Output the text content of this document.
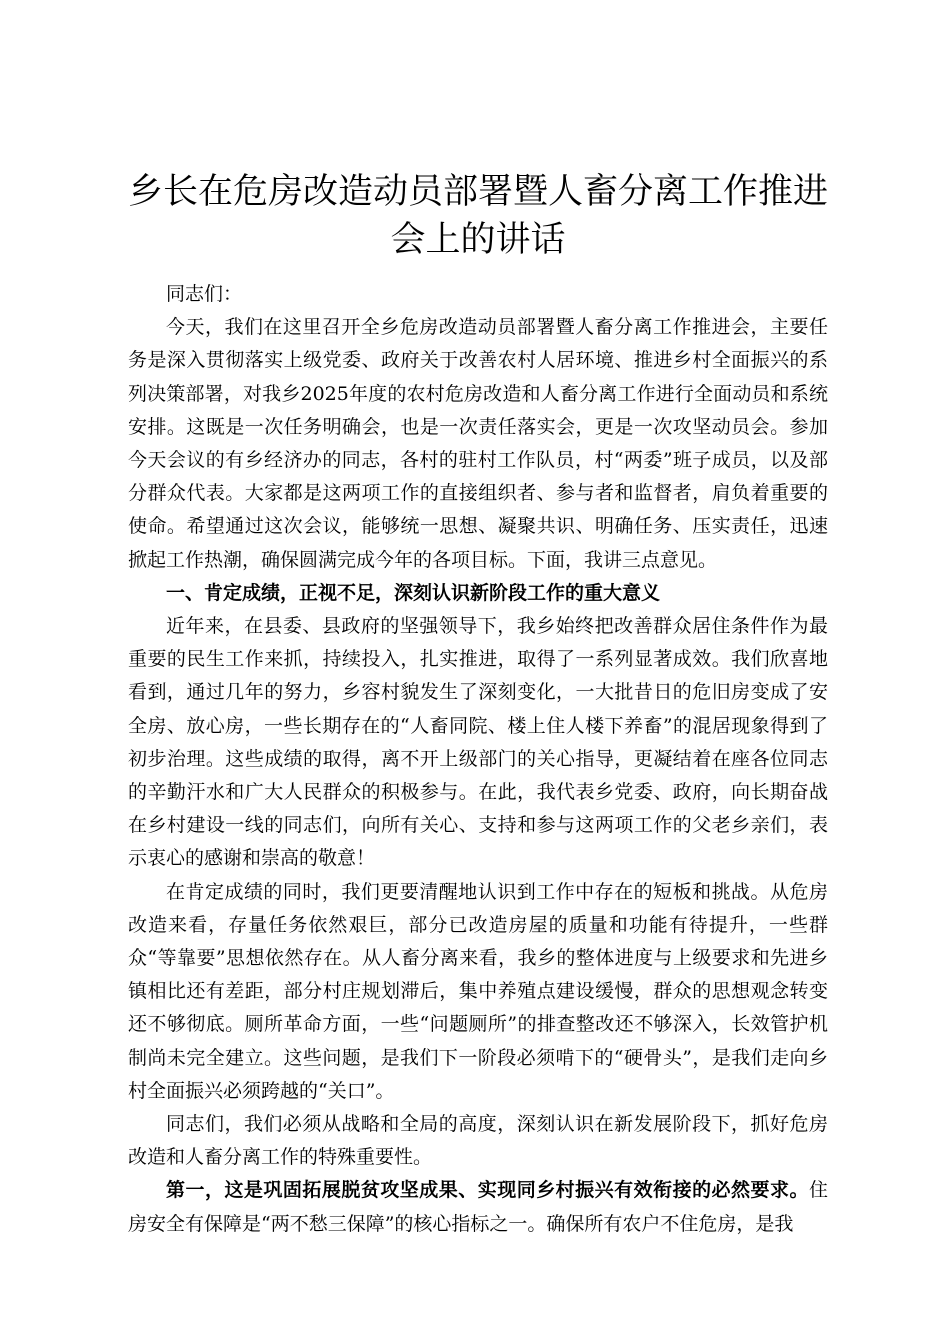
乡长在危房改造动员部署暨人畜分离工作推进会上的讲话

同志们：

今天，我们在这里召开全乡危房改造动员部署暨人畜分离工作推进会，主要任务是深入贯彻落实上级党委、政府关于改善农村人居环境、推进乡村全面振兴的系列决策部署，对我乡2025年度的农村危房改造和人畜分离工作进行全面动员和系统安排。这既是一次任务明确会，也是一次责任落实会，更是一次攻坚动员会。参加今天会议的有乡经济办的同志，各村的驻村工作队员，村“两委”班子成员，以及部分群众代表。大家都是这两项工作的直接组织者、参与者和监督者，肩负着重要的使命。希望通过这次会议，能够统一思想、凝聚共识、明确任务、压实责任，迅速掀起工作热潮，确保圆满完成今年的各项目标。下面，我讲三点意见。

一、肯定成绩，正视不足，深刻认识新阶段工作的重大意义

近年来，在县委、县政府的坚强领导下，我乡始终把改善群众居住条件作为最重要的民生工作来抓，持续投入，扎实推进，取得了一系列显著成效。我们欣喜地看到，通过几年的努力，乡容村貌发生了深刻变化，一大批昔日的危旧房变成了安全房、放心房，一些长期存在的“人畜同院、楼上住人楼下养畜”的混居现象得到了初步治理。这些成绩的取得，离不开上级部门的关心指导，更凝结着在座各位同志的辛勤汗水和广大人民群众的积极参与。在此，我代表乡党委、政府，向长期奋战在乡村建设一线的同志们，向所有关心、支持和参与这两项工作的父老乡亲们，表示衷心的感谢和崇高的敬意！

在肯定成绩的同时，我们更要清醒地认识到工作中存在的短板和挑战。从危房改造来看，存量任务依然艰巨，部分已改造房屋的质量和功能有待提升，一些群众“等靠要”思想依然存在。从人畜分离来看，我乡的整体进度与上级要求和先进乡镇相比还有差距，部分村庄规划滞后，集中养殖点建设缓慢，群众的思想观念转变还不够彻底。厕所革命方面，一些“问题厕所”的排查整改还不够深入，长效管护机制尚未完全建立。这些问题，是我们下一阶段必须啃下的“硬骨头”，是我们走向乡村全面振兴必须跨越的“关口”。

同志们，我们必须从战略和全局的高度，深刻认识在新发展阶段下，抓好危房改造和人畜分离工作的特殊重要性。

第一，这是巩固拓展脱贫攻坚成果、实现同乡村振兴有效衔接的必然要求。住房安全有保障是“两不愁三保障”的核心指标之一。确保所有农户不住危房，是我
